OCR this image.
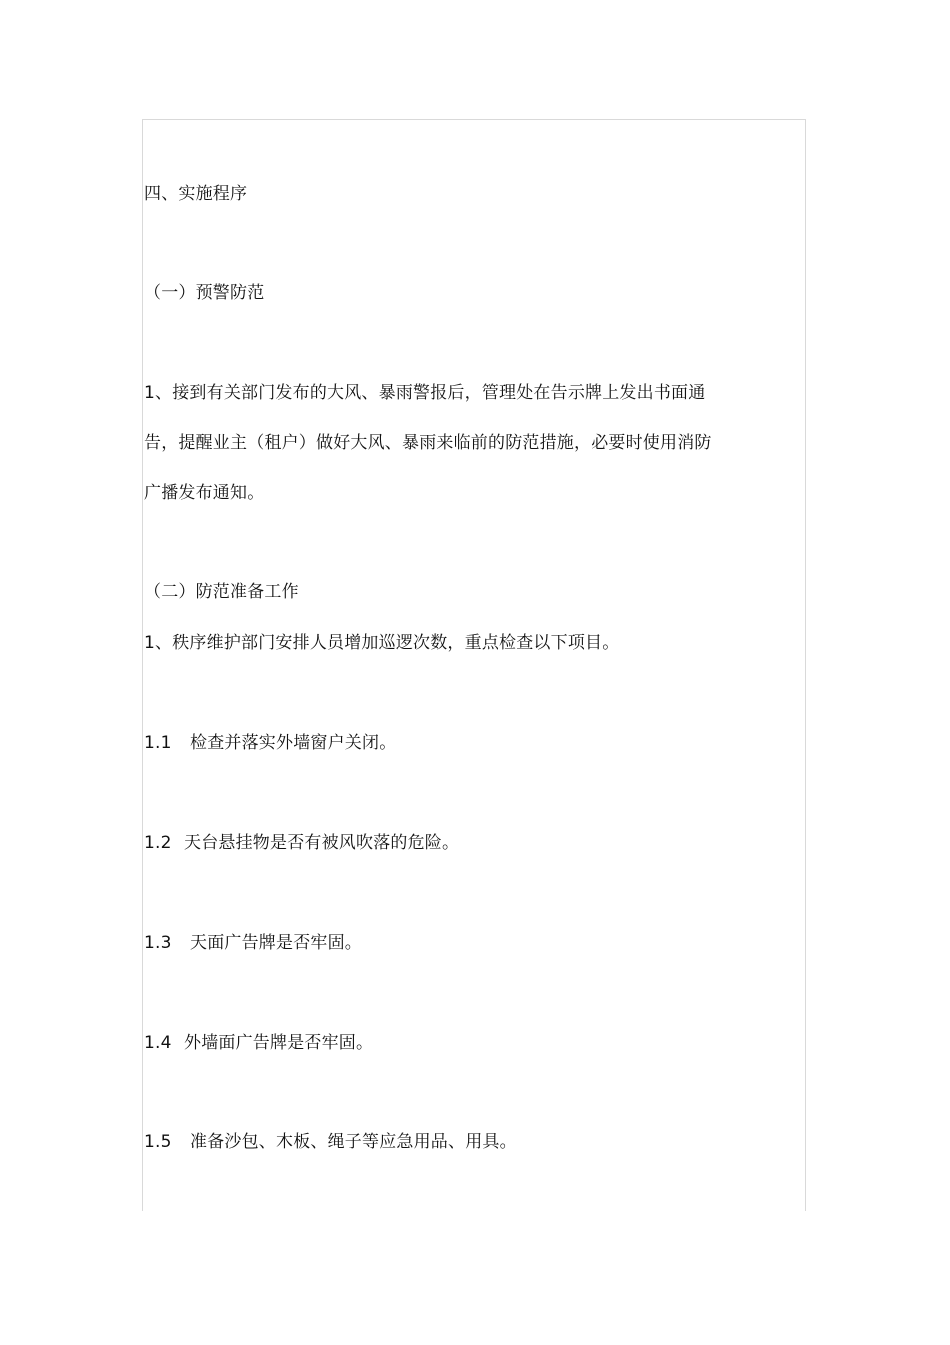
四、实施程序
（一）预警防范
1、接到有关部门发布的大风、暴雨警报后，管理处在告示牌上发出书面通
告，提醒业主（租户）做好大风、暴雨来临前的防范措施，必要时使用消防
广播发布通知。
（二）防范准备工作
1、秩序维护部门安排人员增加巡逻次数，重点检查以下项目。
1.1 检查并落实外墙窗户关闭。
1.2 天台悬挂物是否有被风吹落的危险。
1.3 天面广告牌是否牢固。
1.4 外墙面广告牌是否牢固。
1.5 准备沙包、木板、绳子等应急用品、用具。
